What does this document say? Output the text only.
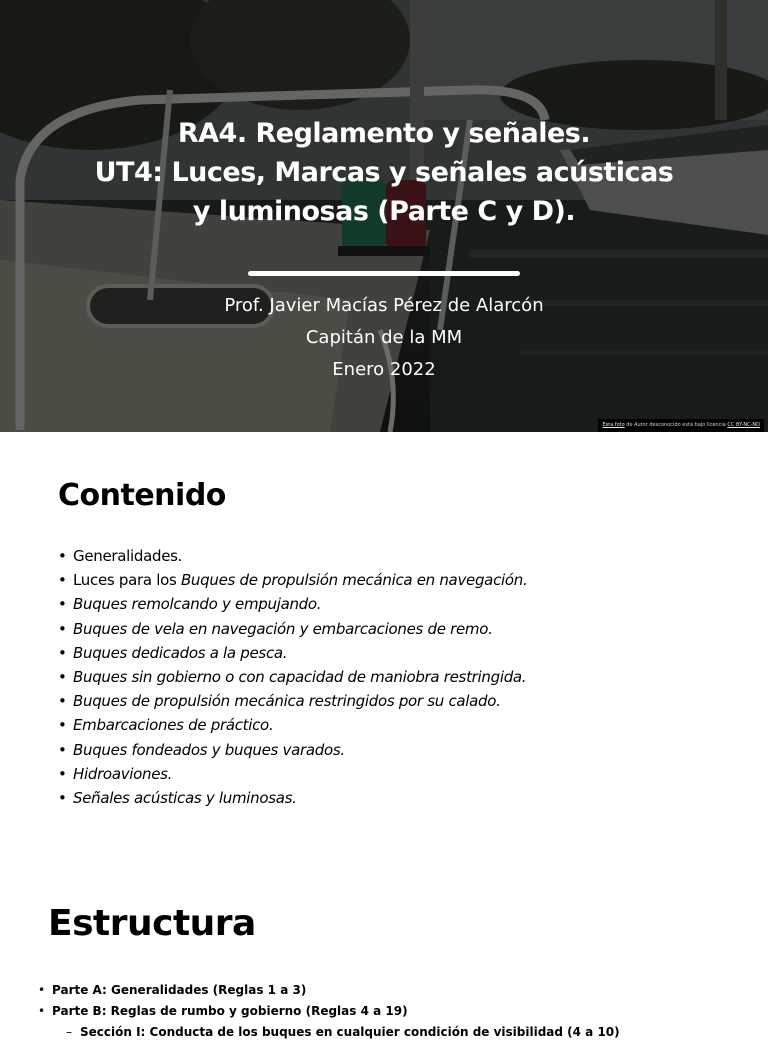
RA4. Reglamento y señales.
UT4: Luces, Marcas y señales acústicas
y luminosas (Parte C y D).
Prof. Javier Macías Pérez de Alarcón
Capitán de la MM
Enero 2022
Esta foto de Autor desconocido está bajo licencia CC BY-NC-ND
Contenido
• Generalidades.
• Luces para los Buques de propulsión mecánica en navegación.
• Buques remolcando y empujando.
• Buques de vela en navegación y embarcaciones de remo.
• Buques dedicados a la pesca.
• Buques sin gobierno o con capacidad de maniobra restringida.
• Buques de propulsión mecánica restringidos por su calado.
• Embarcaciones de práctico.
• Buques fondeados y buques varados.
• Hidroaviones.
• Señales acústicas y luminosas.
Estructura
• Parte A: Generalidades (Reglas 1 a 3)
• Parte B: Reglas de rumbo y gobierno (Reglas 4 a 19)
– Sección I: Conducta de los buques en cualquier condición de visibilidad (4 a 10)
